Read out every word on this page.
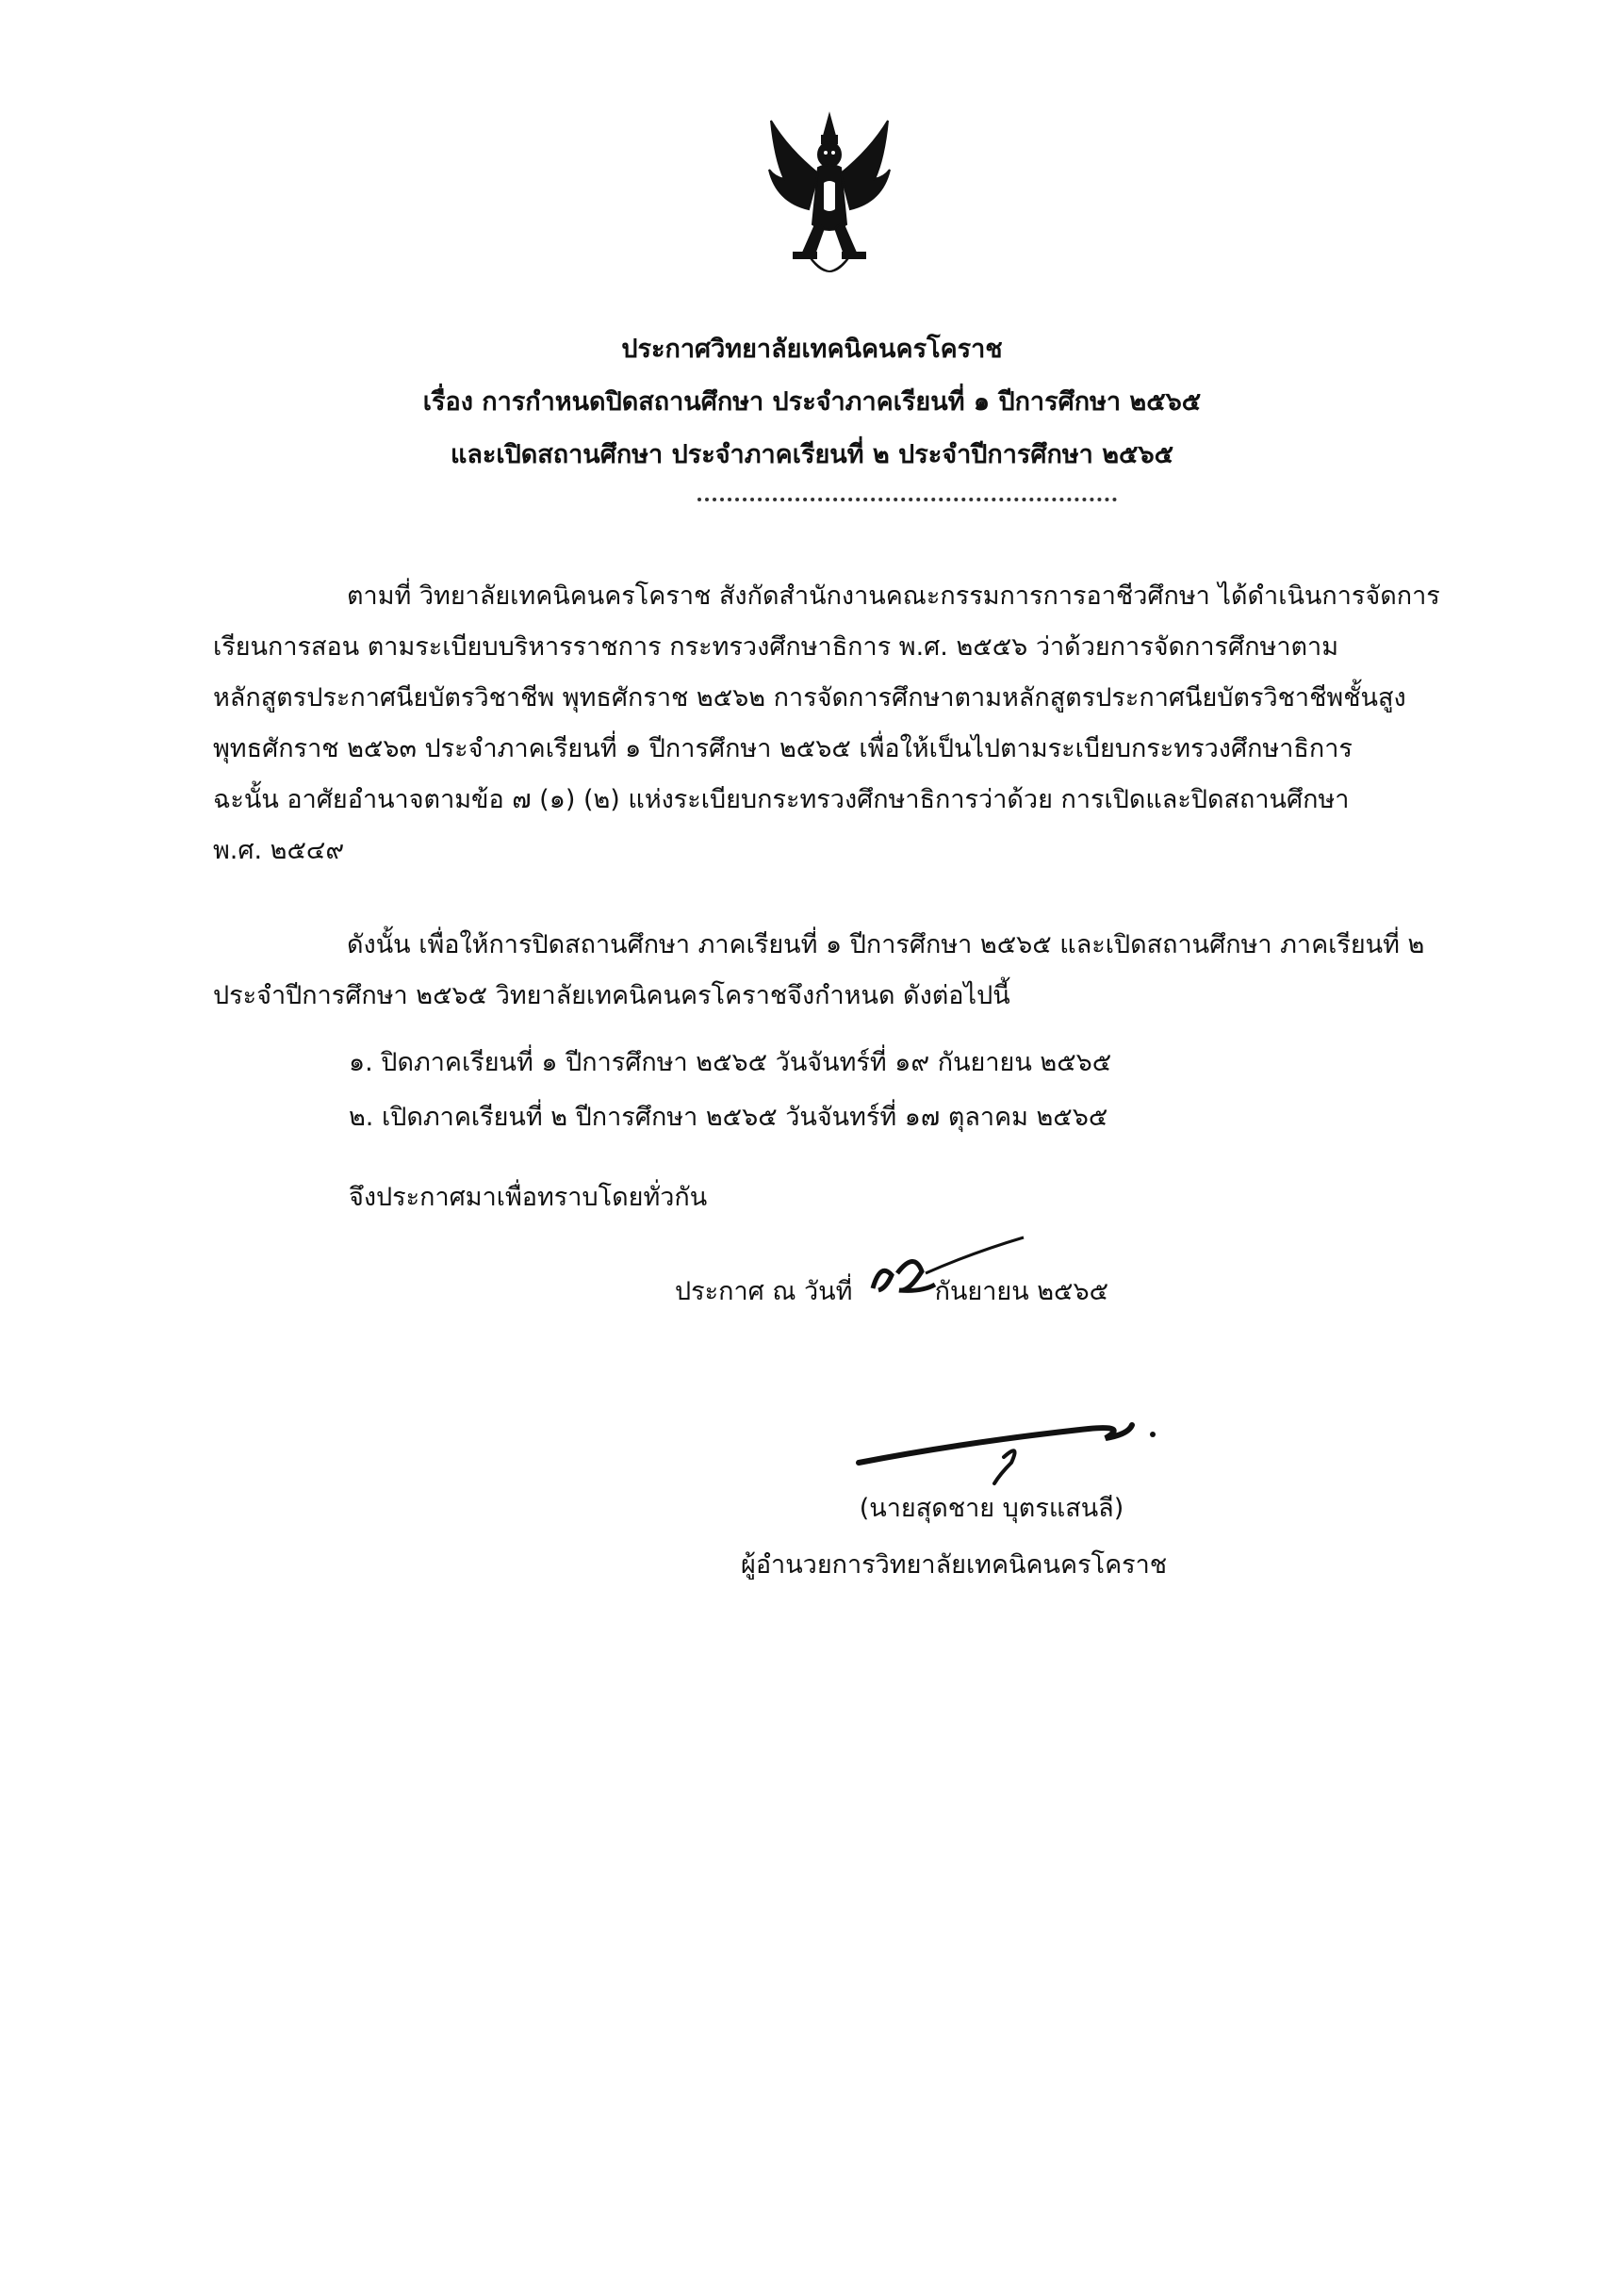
ประกาศวิทยาลัยเทคนิคนครโคราช
เรื่อง การกำหนดปิดสถานศึกษา ประจำภาคเรียนที่ ๑ ปีการศึกษา ๒๕๖๕
และเปิดสถานศึกษา ประจำภาคเรียนที่ ๒ ประจำปีการศึกษา ๒๕๖๕
ตามที่ วิทยาลัยเทคนิคนครโคราช สังกัดสำนักงานคณะกรรมการการอาชีวศึกษา ได้ดำเนินการจัดการ
เรียนการสอน ตามระเบียบบริหารราชการ กระทรวงศึกษาธิการ พ.ศ. ๒๕๕๖ ว่าด้วยการจัดการศึกษาตาม
หลักสูตรประกาศนียบัตรวิชาชีพ พุทธศักราช ๒๕๖๒ การจัดการศึกษาตามหลักสูตรประกาศนียบัตรวิชาชีพชั้นสูง
พุทธศักราช ๒๕๖๓ ประจำภาคเรียนที่ ๑ ปีการศึกษา ๒๕๖๕ เพื่อให้เป็นไปตามระเบียบกระทรวงศึกษาธิการ
ฉะนั้น อาศัยอำนาจตามข้อ ๗ (๑) (๒) แห่งระเบียบกระทรวงศึกษาธิการว่าด้วย การเปิดและปิดสถานศึกษา
พ.ศ. ๒๕๔๙
ดังนั้น เพื่อให้การปิดสถานศึกษา ภาคเรียนที่ ๑ ปีการศึกษา ๒๕๖๕ และเปิดสถานศึกษา ภาคเรียนที่ ๒
ประจำปีการศึกษา ๒๕๖๕ วิทยาลัยเทคนิคนครโคราชจึงกำหนด ดังต่อไปนี้
๑. ปิดภาคเรียนที่ ๑ ปีการศึกษา ๒๕๖๕ วันจันทร์ที่ ๑๙ กันยายน ๒๕๖๕
๒. เปิดภาคเรียนที่ ๒ ปีการศึกษา ๒๕๖๕ วันจันทร์ที่ ๑๗ ตุลาคม ๒๕๖๕
จึงประกาศมาเพื่อทราบโดยทั่วกัน
ประกาศ ณ วันที่	กันยายน ๒๕๖๕
(นายสุดชาย บุตรแสนลี)
ผู้อำนวยการวิทยาลัยเทคนิคนครโคราช
